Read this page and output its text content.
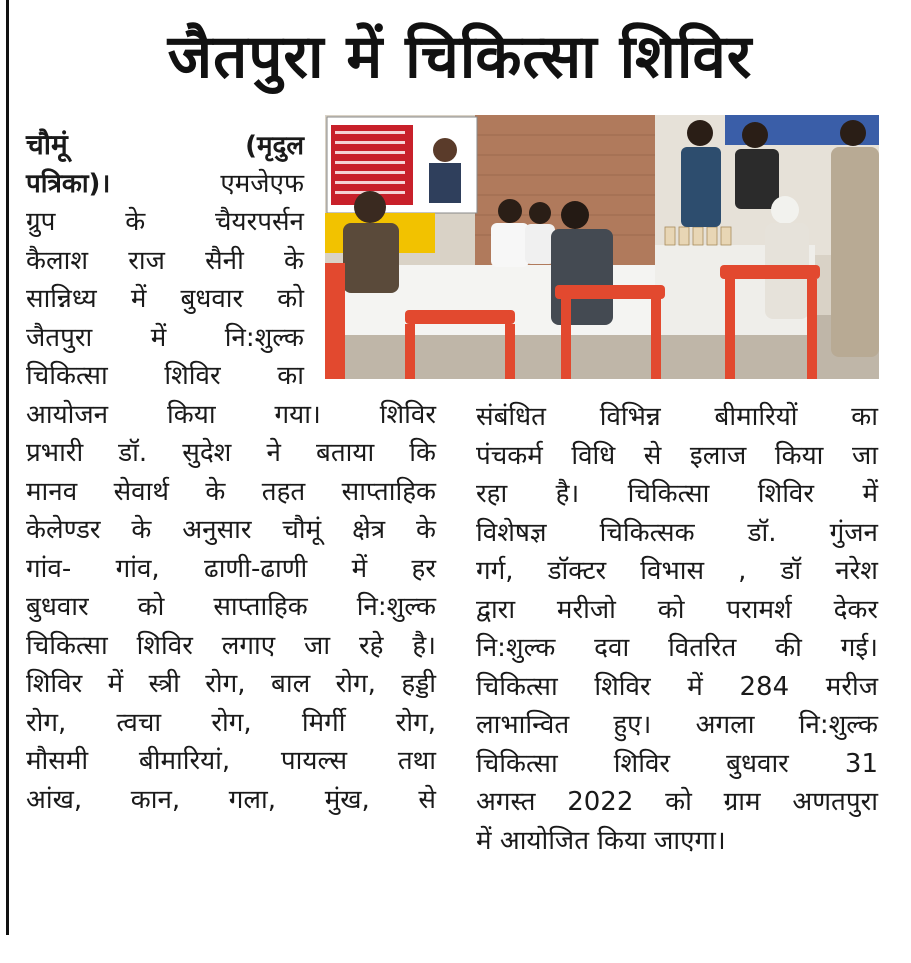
जैतपुरा में चिकित्सा शिविर
चौमूं	(मृदुल
पत्रिका)।	एमजेएफ
ग्रुप के चैयरपर्सन
कैलाश राज सैनी के
सान्निध्य में बुधवार को
जैतपुरा में नि:शुल्क
चिकित्सा शिविर का
आयोजन किया गया। शिविर
प्रभारी डॉ. सुदेश ने बताया कि
मानव सेवार्थ के तहत साप्ताहिक
केलेण्डर के अनुसार चौमूं क्षेत्र के
गांव- गांव, ढाणी-ढाणी में हर
बुधवार को साप्ताहिक नि:शुल्क
चिकित्सा शिविर लगाए जा रहे है।
शिविर में स्त्री रोग, बाल रोग, हड्डी
रोग, त्वचा रोग, मिर्गी रोग,
मौसमी बीमारियां, पायल्स तथा
आंख, कान, गला, मुंख, से
संबंधित विभिन्न बीमारियों का
पंचकर्म विधि से इलाज किया जा
रहा है। चिकित्सा शिविर में
विशेषज्ञ चिकित्सक डॉ. गुंजन
गर्ग, डॉक्टर विभास , डॉ नरेश
द्वारा मरीजो को परामर्श देकर
नि:शुल्क दवा वितरित की गई।
चिकित्सा शिविर में 284 मरीज
लाभान्वित हुए। अगला नि:शुल्क
चिकित्सा शिविर बुधवार 31
अगस्त 2022 को ग्राम अणतपुरा
में आयोजित किया जाएगा।
